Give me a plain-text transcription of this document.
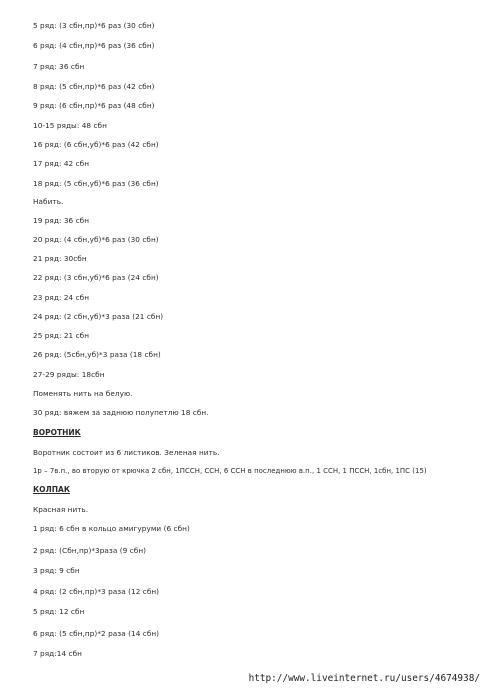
5 ряд: (3 сбн,пр)*6 раз (30 сбн)
6 ряд: (4 сбн,пр)*6 раз (36 сбн)
7 ряд: 36 сбн
8 ряд: (5 сбн,пр)*6 раз (42 сбн)
9 ряд: (6 сбн,пр)*6 раз (48 сбн)
10-15 ряды: 48 сбн
16 ряд: (6 сбн,уб)*6 раз (42 сбн)
17 ряд: 42 сбн
18 ряд: (5 сбн,уб)*6 раз (36 сбн)
Набить.
19 ряд: 36 сбн
20 ряд: (4 сбн,уб)*6 раз (30 сбн)
21 ряд: 30сбн
22 ряд: (3 сбн,уб)*6 раз (24 сбн)
23 ряд: 24 сбн
24 ряд: (2 сбн,уб)*3 раза (21 сбн)
25 ряд: 21 сбн
26 ряд: (5сбн,уб)*3 раза (18 сбн)
27-29 ряды: 18сбн
Поменять нить на белую.
30 ряд: вяжем за заднюю полупетлю 18 сбн.
ВОРОТНИК
Воротник состоит из 6 листиков. Зеленая нить.
1р – 7в.п., во вторую от крючка 2 сбн, 1ПССН, ССН, 6 ССН в последнюю в.п., 1 ССН, 1 ПССН, 1сбн, 1ПС (15)
КОЛПАК
Красная нить.
1 ряд: 6 сбн в кольцо амигуруми (6 сбн)
2 ряд: (Сбн,пр)*3раза (9 сбн)
3 ряд: 9 сбн
4 ряд: (2 сбн,пр)*3 раза (12 сбн)
5 ряд: 12 сбн
6 ряд: (5 сбн,пр)*2 раза (14 сбн)
7 ряд:14 сбн
http://www.liveinternet.ru/users/4674938/
